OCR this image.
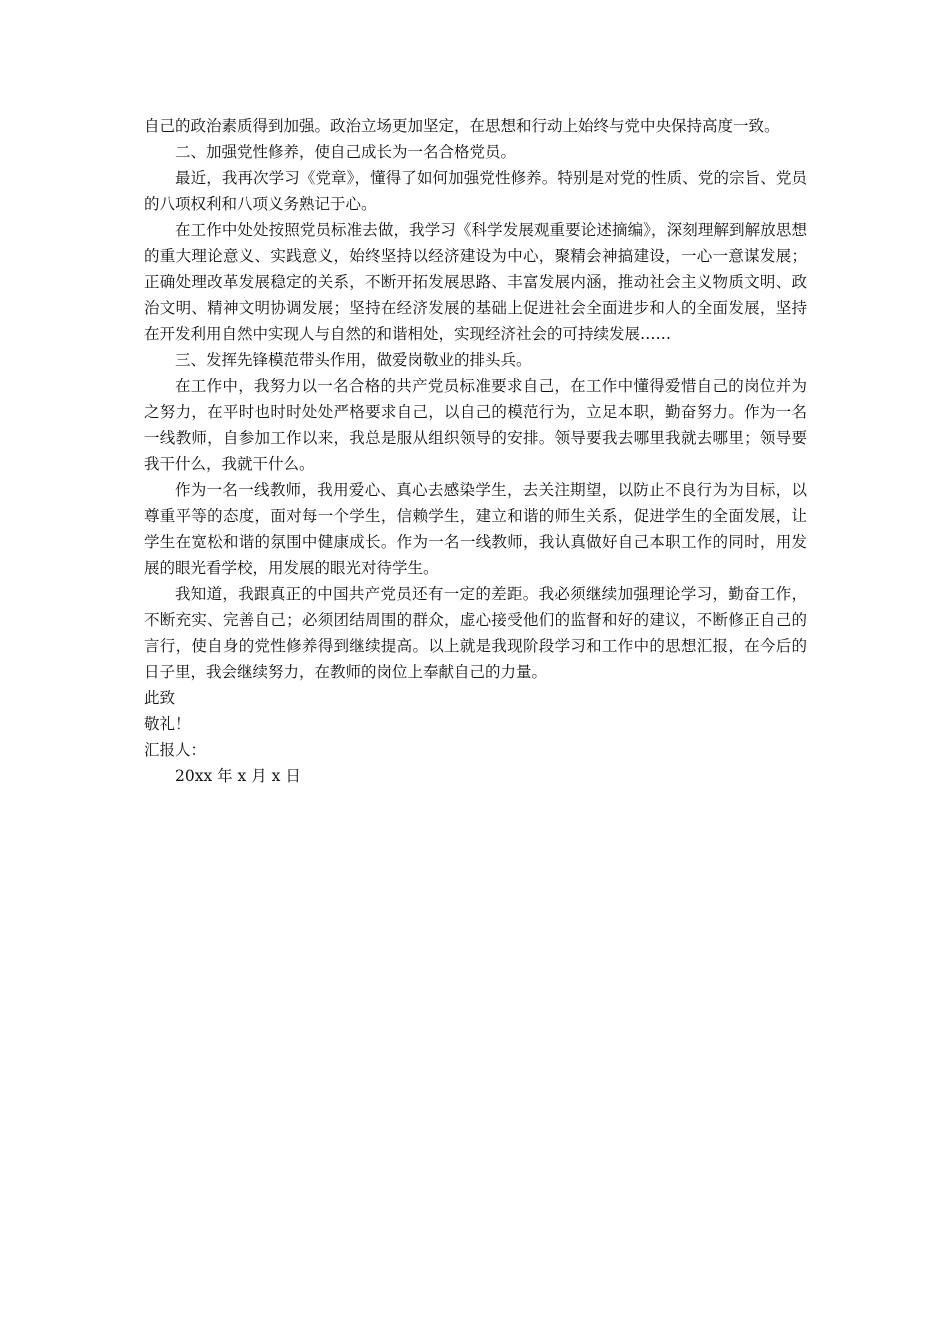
自己的政治素质得到加强。政治立场更加坚定，在思想和行动上始终与党中央保持高度一致。

二、加强党性修养，使自己成长为一名合格党员。

最近，我再次学习《党章》，懂得了如何加强党性修养。特别是对党的性质、党的宗旨、党员的八项权利和八项义务熟记于心。

在工作中处处按照党员标准去做，我学习《科学发展观重要论述摘编》，深刻理解到解放思想的重大理论意义、实践意义，始终坚持以经济建设为中心，聚精会神搞建设，一心一意谋发展；正确处理改革发展稳定的关系，不断开拓发展思路、丰富发展内涵，推动社会主义物质文明、政治文明、精神文明协调发展；坚持在经济发展的基础上促进社会全面进步和人的全面发展，坚持在开发利用自然中实现人与自然的和谐相处，实现经济社会的可持续发展……

三、发挥先锋模范带头作用，做爱岗敬业的排头兵。

在工作中，我努力以一名合格的共产党员标准要求自己，在工作中懂得爱惜自己的岗位并为之努力，在平时也时时处处严格要求自己，以自己的模范行为，立足本职，勤奋努力。作为一名一线教师，自参加工作以来，我总是服从组织领导的安排。领导要我去哪里我就去哪里；领导要我干什么，我就干什么。

作为一名一线教师，我用爱心、真心去感染学生，去关注期望，以防止不良行为为目标，以尊重平等的态度，面对每一个学生，信赖学生，建立和谐的师生关系，促进学生的全面发展，让学生在宽松和谐的氛围中健康成长。作为一名一线教师，我认真做好自己本职工作的同时，用发展的眼光看学校，用发展的眼光对待学生。

我知道，我跟真正的中国共产党员还有一定的差距。我必须继续加强理论学习，勤奋工作，不断充实、完善自己；必须团结周围的群众，虚心接受他们的监督和好的建议，不断修正自己的言行，使自身的党性修养得到继续提高。以上就是我现阶段学习和工作中的思想汇报，在今后的日子里，我会继续努力，在教师的岗位上奉献自己的力量。

此致

敬礼！

汇报人：

20xx 年 x 月 x 日
